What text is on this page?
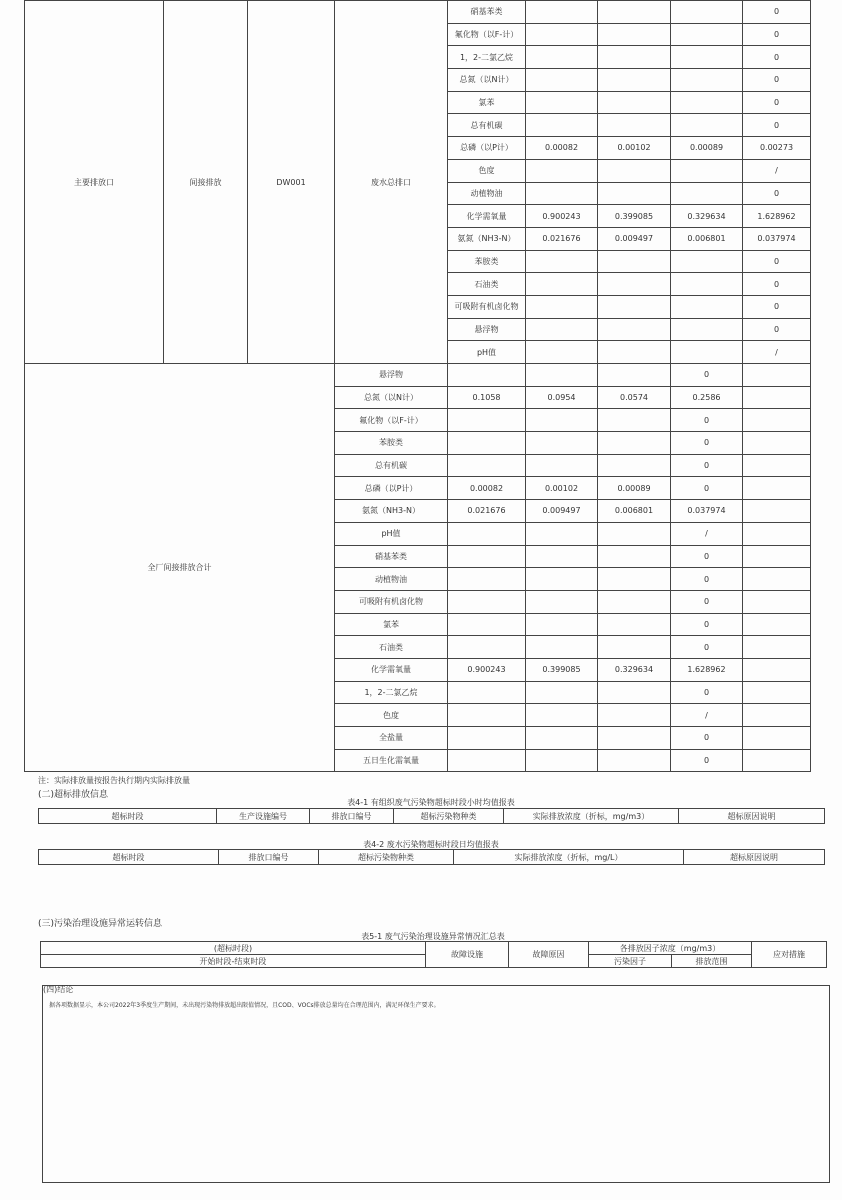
主要排放口	间接排放	DW001	废水总排口	硝基苯类				0	
				氟化物（以F-计）				0	
				1，2-二氯乙烷				0	
				总氮（以N计）				0	
				氯苯				0	
				总有机碳				0	
				总磷（以P计）	0.00082	0.00102	0.00089	0.00273	
				色度				/	
				动植物油				0	
				化学需氧量	0.900243	0.399085	0.329634	1.628962	
				氨氮（NH3-N）	0.021676	0.009497	0.006801	0.037974	
				苯胺类				0	
				石油类				0	
				可吸附有机卤化物				0	
				悬浮物				0	
				pH值				/	
全厂间接排放合计			悬浮物				0		
			总氮（以N计）	0.1058	0.0954	0.0574	0.2586		
			氟化物（以F-计）				0		
			苯胺类				0		
			总有机碳				0		
			总磷（以P计）	0.00082	0.00102	0.00089	0		
			氨氮（NH3-N）	0.021676	0.009497	0.006801	0.037974		
			pH值				/		
			硝基苯类				0		
			动植物油				0		
			可吸附有机卤化物				0		
			氯苯				0		
			石油类				0		
			化学需氧量	0.900243	0.399085	0.329634	1.628962		
			1，2-二氯乙烷				0		
			色度				/		
			全盐量				0		
			五日生化需氧量				0		
注：实际排放量按报告执行期内实际排放量
(二)超标排放信息
表4-1 有组织废气污染物超标时段小时均值报表
超标时段	生产设施编号	排放口编号	超标污染物种类	实际排放浓度（折标，mg/m3）	超标原因说明
表4-2 废水污染物超标时段日均值报表
超标时段	排放口编号	超标污染物种类	实际排放浓度（折标，mg/L）	超标原因说明
(三)污染治理设施异常运转信息
表5-1 废气污染治理设施异常情况汇总表
(超标时段)	故障设施	故障原因	各排放因子浓度（mg/m3）		应对措施
开始时段-结束时段			污染因子	排放范围	
(四)结论
据各项数据显示，本公司2022年3季度生产期间，未出现污染物排放超出限值情况，且COD、VOCs排放总量均在合理范围内，满足环保生产要求。
